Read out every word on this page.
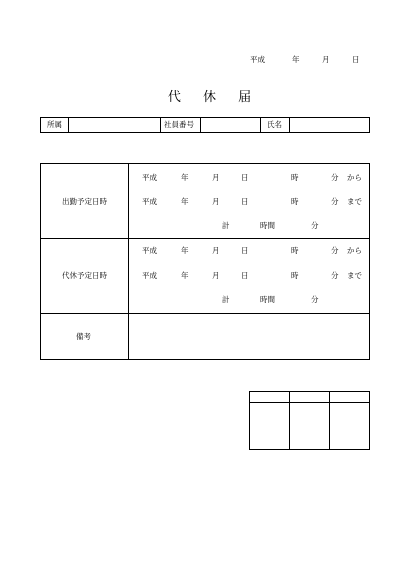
平成	年	月	日
代 休 届
所属	社員番号	氏名
出勤予定日時
平成	年	月	日	時	分 から
平成	年	月	日	時	分 まで
計	時間	分
代休予定日時
平成	年	月	日	時	分 から
平成	年	月	日	時	分 まで
計	時間	分
備考
